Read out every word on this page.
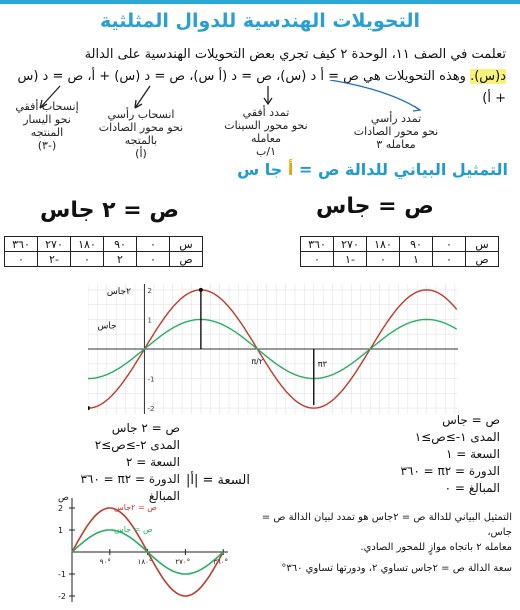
التحويلات الهندسية للدوال المثلثية
تعلمت في الصف ١١، الوحدة ٢ كيف تجري بعض التحويلات الهندسية على الدالة
د(س). وهذه التحويلات هي ص = أ د (س)، ص = د (أ س)، ص = د (س) + أ، ص = د (س + أ)
إنسحاب أفقي
نحو اليسار
المنتجه
(٣-)
انسحاب رأسي
نحو محور الصادات
بالمتجه
(أ)
تمدد أفقي
نحو محور السينات
معامله
١/ب
تمدد رأسي
نحو محور الصادات
معامله ٣
التمثيل البياني للدالة ص = أ جا س
ص = ٢ جاس	ص = جاس
٣٦٠	٢٧٠	١٨٠	٩٠	٠	س
٠	٢-	٠	٢	٠	ص
٣٦٠	٢٧٠	١٨٠	٩٠	٠	س
٠	١-	٠	١	٠	ص
1
2
-1
-2
٢جاس
جاس
π/٢	π٣
ص = ٢ جاس
المدى ٢-≥ص≥٢
السعة = ٢
الدورة = π٢ = ٣٦٠
المبالغ
ص = جاس
المدى ١-≥ص≥١
السعة = ١
الدورة = π٢ = ٣٦٠
المبالغ = ٠
السعة = |أ|
ص
2
1
-1
-2
٩٠°	١٨٠°	٢٧٠°	٣٦٠°
ص = ٢جاس
ص = جاس
التمثيل البياني للدالة ص = ٢جاس هو تمدد لبيان الدالة ص = جاس،
معامله ٢ باتجاه موازٍ للمحور الصادي.
سعة الدالة ص = ٢جاس تساوي ٢، ودورتها تساوي ٣٦٠°
